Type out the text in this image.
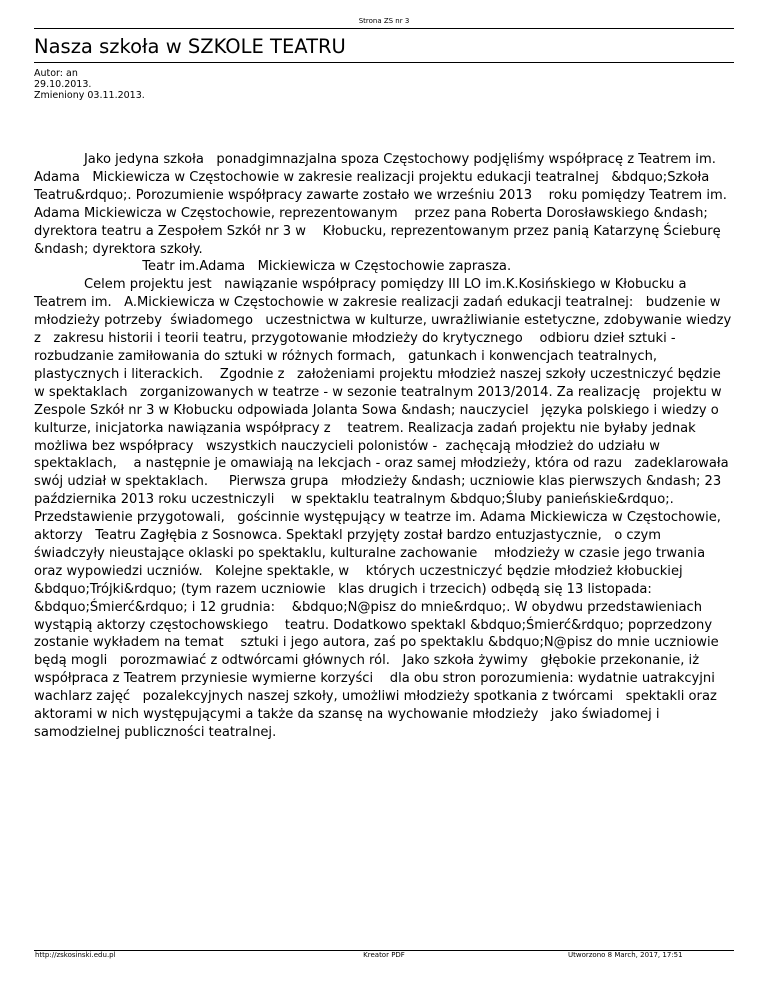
Strona ZS nr 3
Nasza szkoła w SZKOLE TEATRU
Autor: an
29.10.2013.
Zmieniony 03.11.2013.
Jako jedyna szkoła   ponadgimnazjalna spoza Częstochowy podjęliśmy współpracę z Teatrem im.
Adama   Mickiewicza w Częstochowie w zakresie realizacji projektu edukacji teatralnej   &bdquo;Szkoła
Teatru&rdquo;. Porozumienie współpracy zawarte zostało we wrześniu 2013    roku pomiędzy Teatrem im.
Adama Mickiewicza w Częstochowie, reprezentowanym    przez pana Roberta Dorosławskiego &ndash;
dyrektora teatru a Zespołem Szkół nr 3 w    Kłobucku, reprezentowanym przez panią Katarzynę Ścieburę
&ndash; dyrektora szkoły.
Teatr im.Adama   Mickiewicza w Częstochowie zaprasza.
Celem projektu jest   nawiązanie współpracy pomiędzy III LO im.K.Kosińskiego w Kłobucku a
Teatrem im.   A.Mickiewicza w Częstochowie w zakresie realizacji zadań edukacji teatralnej:   budzenie w
młodzieży potrzeby  świadomego   uczestnictwa w kulturze, uwrażliwianie estetyczne, zdobywanie wiedzy
z   zakresu historii i teorii teatru, przygotowanie młodzieży do krytycznego    odbioru dzieł sztuki -
rozbudzanie zamiłowania do sztuki w różnych formach,   gatunkach i konwencjach teatralnych,
plastycznych i literackich.    Zgodnie z   założeniami projektu młodzież naszej szkoły uczestniczyć będzie
w spektaklach   zorganizowanych w teatrze - w sezonie teatralnym 2013/2014. Za realizację   projektu w
Zespole Szkół nr 3 w Kłobucku odpowiada Jolanta Sowa &ndash; nauczyciel   języka polskiego i wiedzy o
kulturze, inicjatorka nawiązania współpracy z    teatrem. Realizacja zadań projektu nie byłaby jednak
możliwa bez współpracy   wszystkich nauczycieli polonistów -  zachęcają młodzież do udziału w
spektaklach,    a następnie je omawiają na lekcjach - oraz samej młodzieży, która od razu   zadeklarowała
swój udział w spektaklach.     Pierwsza grupa   młodzieży &ndash; uczniowie klas pierwszych &ndash; 23
października 2013 roku uczestniczyli    w spektaklu teatralnym &bdquo;Śluby panieńskie&rdquo;.
Przedstawienie przygotowali,   gościnnie występujący w teatrze im. Adama Mickiewicza w Częstochowie,
aktorzy   Teatru Zagłębia z Sosnowca. Spektakl przyjęty został bardzo entuzjastycznie,   o czym
świadczyły nieustające oklaski po spektaklu, kulturalne zachowanie    młodzieży w czasie jego trwania
oraz wypowiedzi uczniów.   Kolejne spektakle, w    których uczestniczyć będzie młodzież kłobuckiej
&bdquo;Trójki&rdquo; (tym razem uczniowie   klas drugich i trzecich) odbędą się 13 listopada:
&bdquo;Śmierć&rdquo; i 12 grudnia:    &bdquo;N@pisz do mnie&rdquo;. W obydwu przedstawieniach
wystąpią aktorzy częstochowskiego    teatru. Dodatkowo spektakl &bdquo;Śmierć&rdquo; poprzedzony
zostanie wykładem na temat    sztuki i jego autora, zaś po spektaklu &bdquo;N@pisz do mnie uczniowie
będą mogli   porozmawiać z odtwórcami głównych ról.   Jako szkoła żywimy   głębokie przekonanie, iż
współpraca z Teatrem przyniesie wymierne korzyści    dla obu stron porozumienia: wydatnie uatrakcyjni
wachlarz zajęć   pozalekcyjnych naszej szkoły, umożliwi młodzieży spotkania z twórcami   spektakli oraz
aktorami w nich występującymi a także da szansę na wychowanie młodzieży   jako świadomej i
samodzielnej publiczności teatralnej.
http://zskosinski.edu.pl	Kreator PDF	Utworzono 8 March, 2017, 17:51
